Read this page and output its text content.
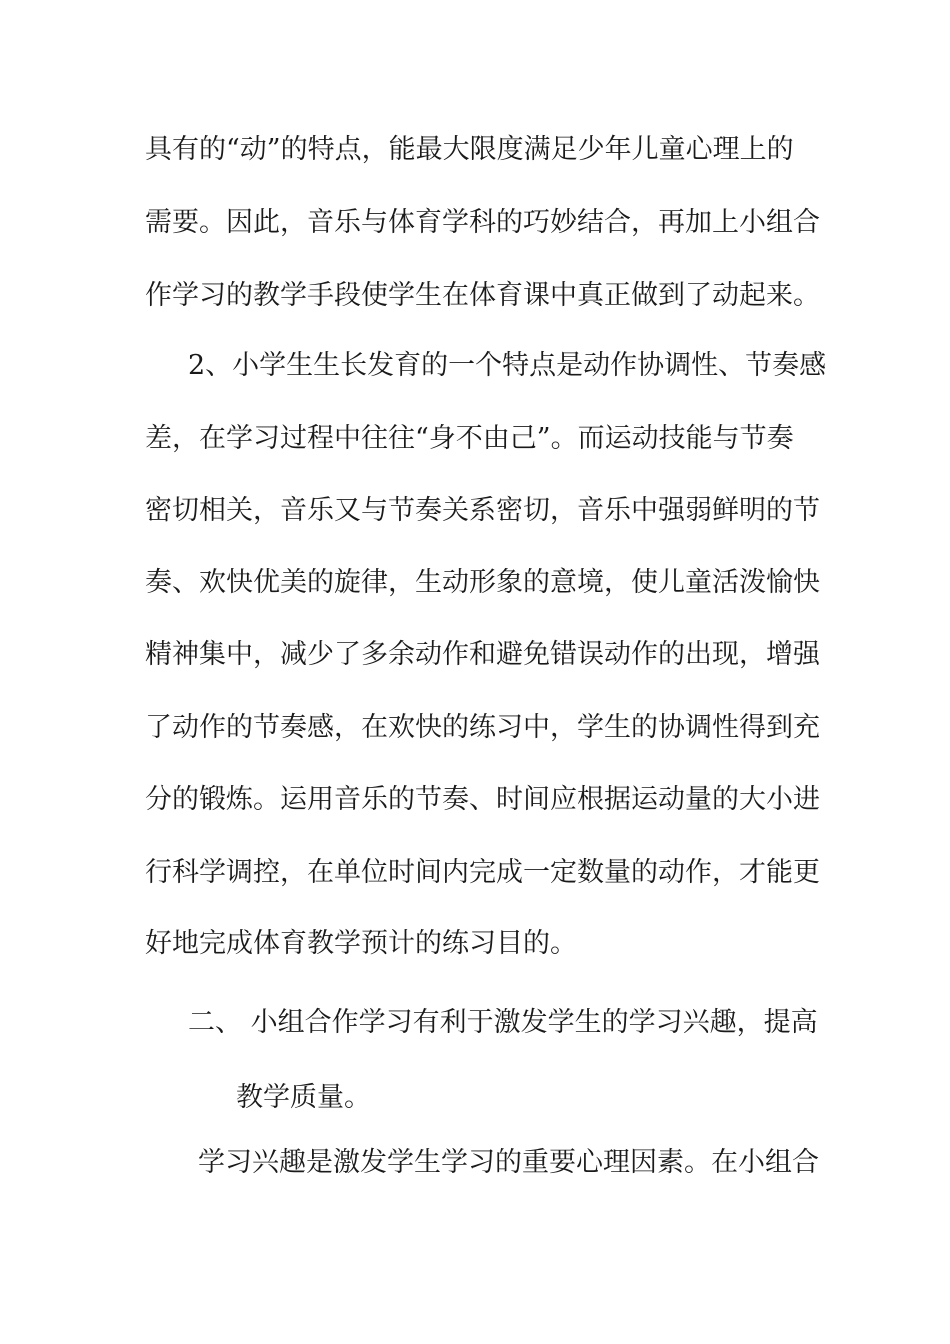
具有的“动”的特点，能最大限度满足少年儿童心理上的
需要。因此，音乐与体育学科的巧妙结合，再加上小组合
作学习的教学手段使学生在体育课中真正做到了动起来。
2、小学生生长发育的一个特点是动作协调性、节奏感
差，在学习过程中往往“身不由己”。而运动技能与节奏
密切相关，音乐又与节奏关系密切，音乐中强弱鲜明的节
奏、欢快优美的旋律，生动形象的意境，使儿童活泼愉快
精神集中，减少了多余动作和避免错误动作的出现，增强
了动作的节奏感，在欢快的练习中，学生的协调性得到充
分的锻炼。运用音乐的节奏、时间应根据运动量的大小进
行科学调控，在单位时间内完成一定数量的动作，才能更
好地完成体育教学预计的练习目的。
二、 小组合作学习有利于激发学生的学习兴趣，提高
教学质量。
学习兴趣是激发学生学习的重要心理因素。在小组合
